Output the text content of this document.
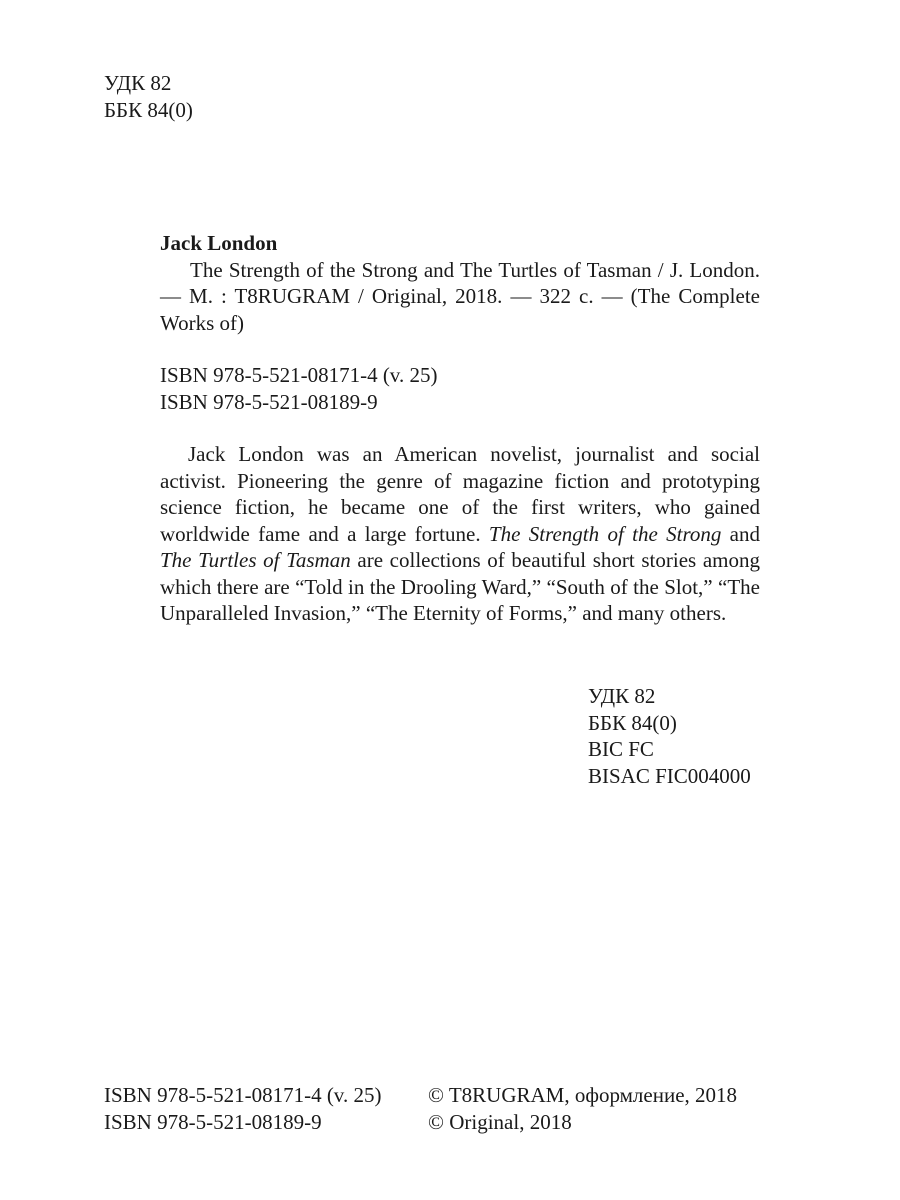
УДК 82
ББК 84(0)
Jack London

The Strength of the Strong and The Turtles of Tasman / J. London. — M. : T8RUGRAM / Original, 2018. — 322 с. — (The Complete Works of)

ISBN 978-5-521-08171-4 (v. 25)
ISBN 978-5-521-08189-9

Jack London was an American novelist, journalist and social activist. Pioneering the genre of magazine fiction and prototyping science fiction, he became one of the first writers, who gained worldwide fame and a large fortune. The Strength of the Strong and The Turtles of Tasman are collections of beautiful short stories among which there are “Told in the Drooling Ward,” “South of the Slot,” “The Unparalleled Invasion,” “The Eternity of Forms,” and many others.

УДК 82
ББК 84(0)
BIC FC
BISAC FIC004000
ISBN 978-5-521-08171-4 (v. 25)
ISBN 978-5-521-08189-9
© T8RUGRAM, оформление, 2018
© Original, 2018
